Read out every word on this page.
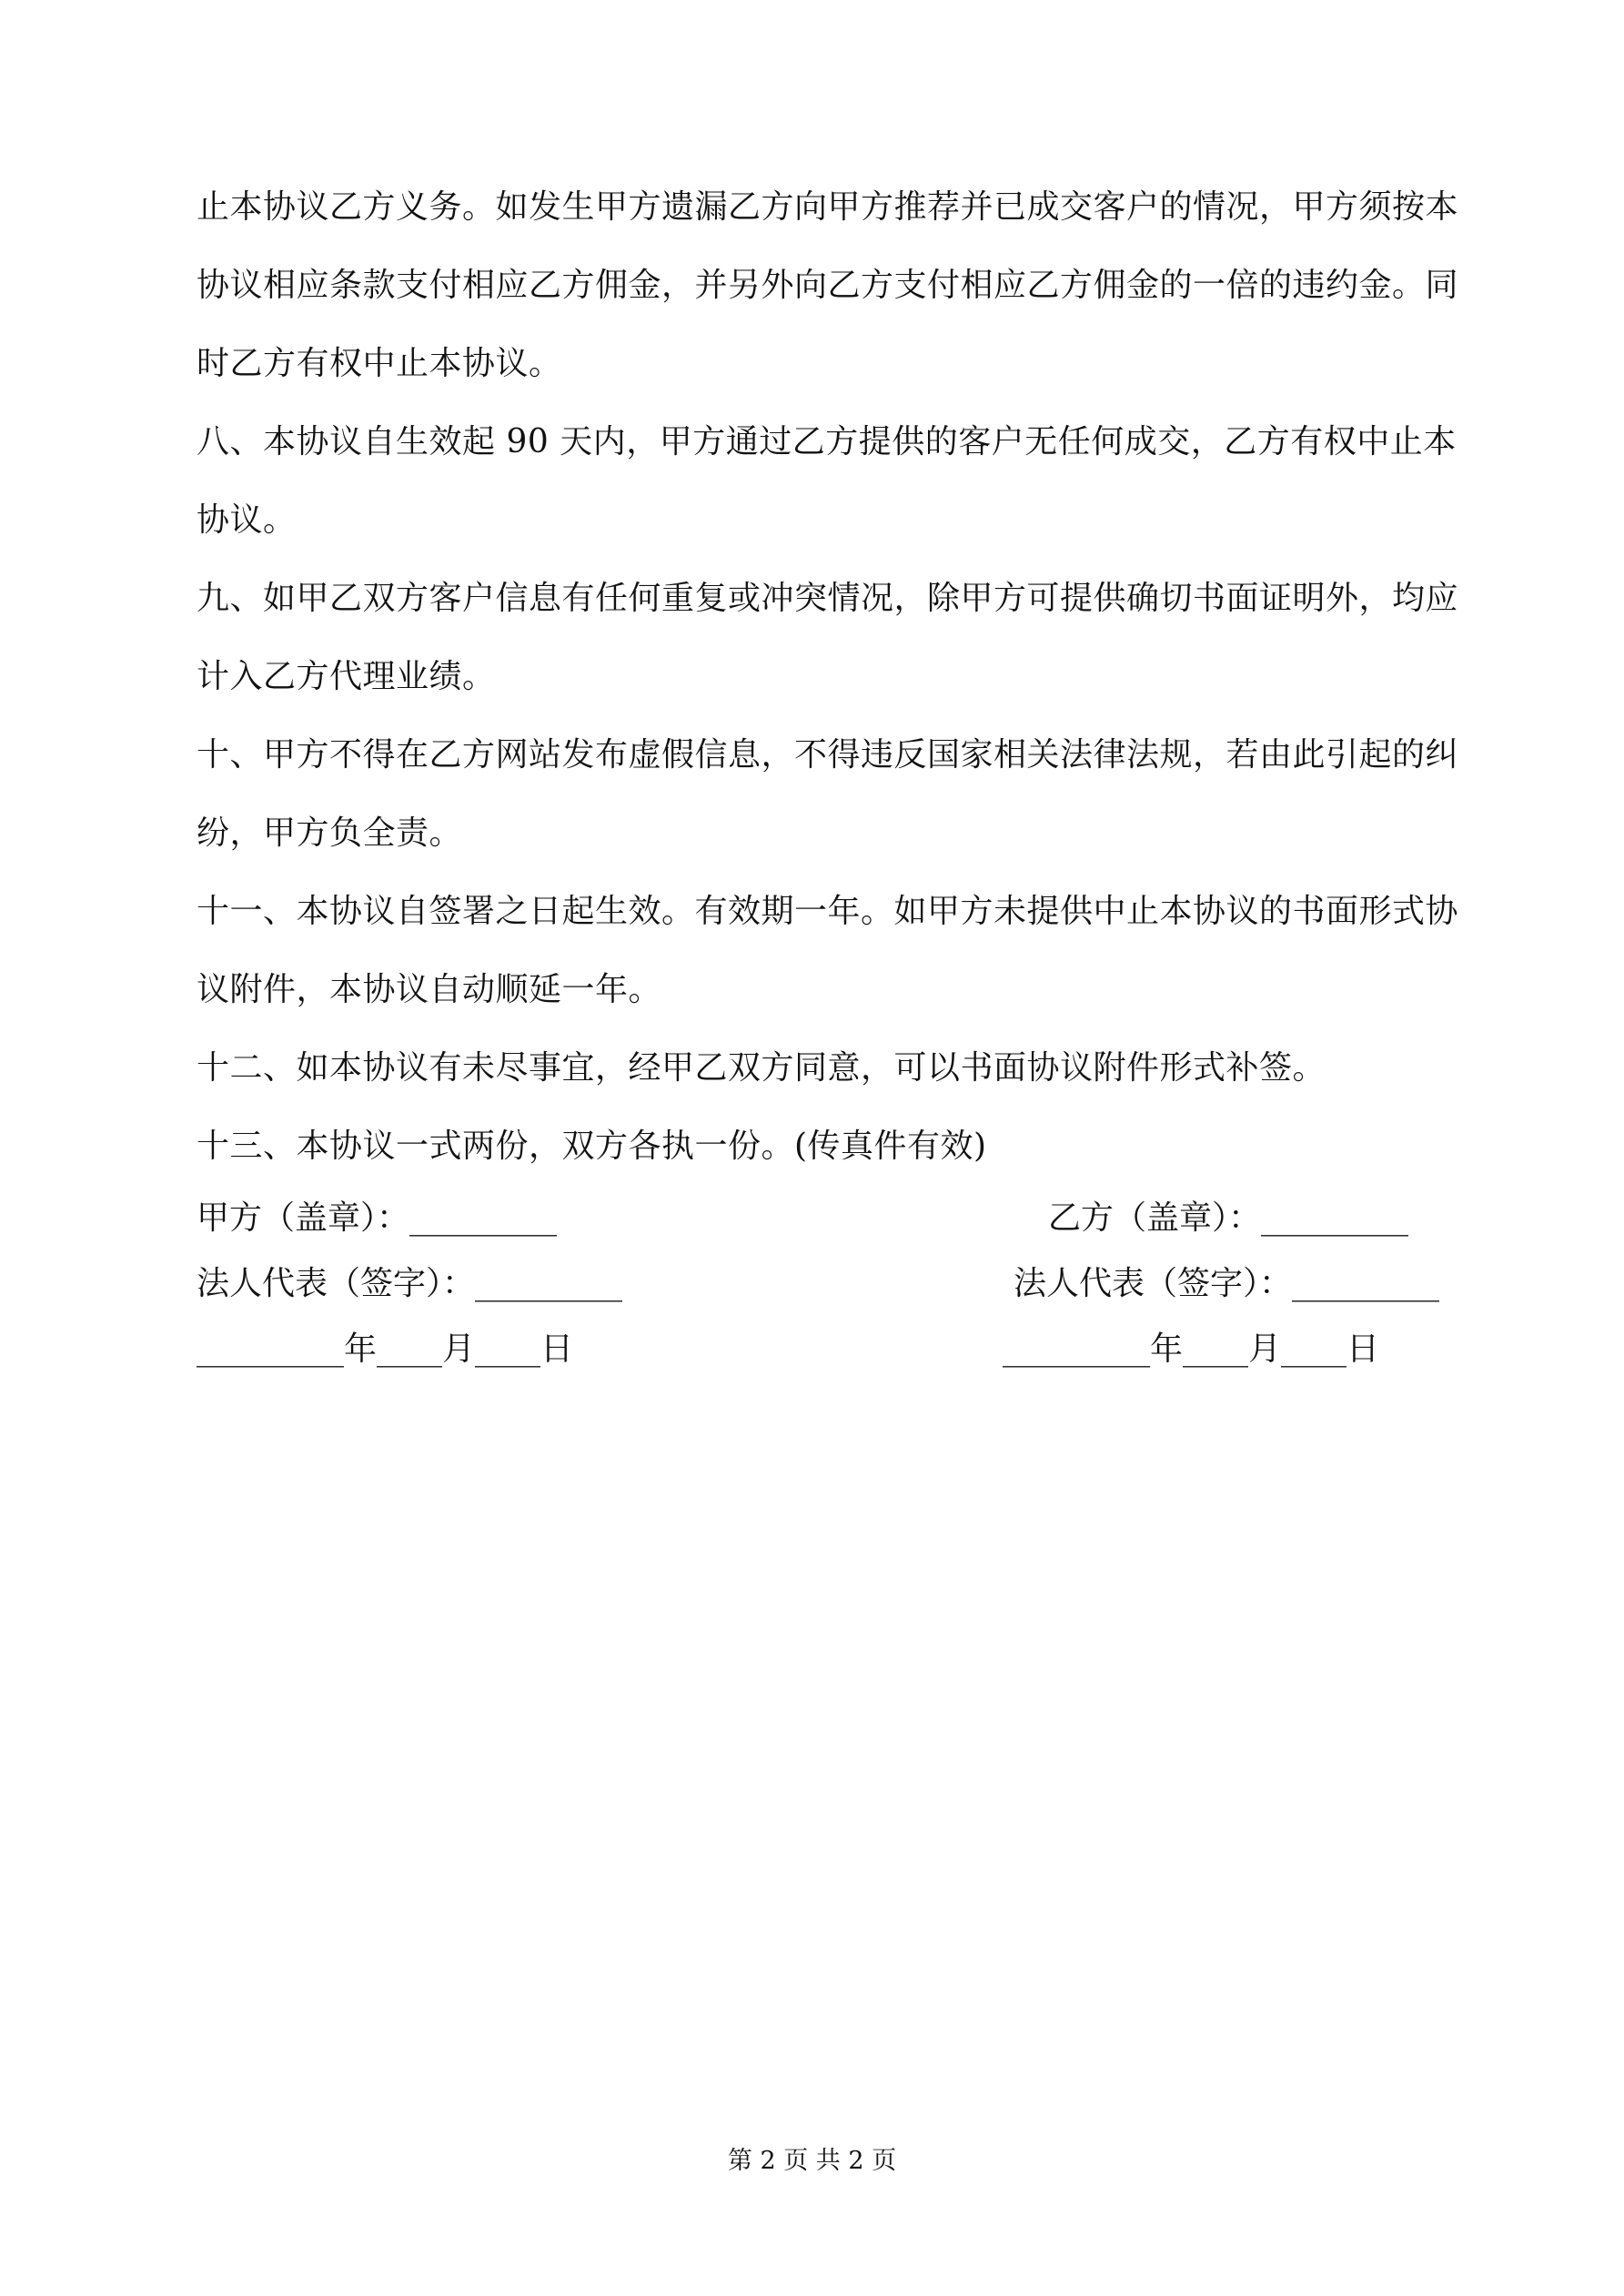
止本协议乙方义务。如发生甲方遗漏乙方向甲方推荐并已成交客户的情况，甲方须按本
协议相应条款支付相应乙方佣金，并另外向乙方支付相应乙方佣金的一倍的违约金。同
时乙方有权中止本协议。
八、本协议自生效起 90 天内，甲方通过乙方提供的客户无任何成交，乙方有权中止本
协议。
九、如甲乙双方客户信息有任何重复或冲突情况，除甲方可提供确切书面证明外，均应
计入乙方代理业绩。
十、甲方不得在乙方网站发布虚假信息，不得违反国家相关法律法规，若由此引起的纠
纷，甲方负全责。
十一、本协议自签署之日起生效。有效期一年。如甲方未提供中止本协议的书面形式协
议附件，本协议自动顺延一年。
十二、如本协议有未尽事宜，经甲乙双方同意，可以书面协议附件形式补签。
十三、本协议一式两份，双方各执一份。(传真件有效)
甲方（盖章）：_________	乙方（盖章）：_________
法人代表（签字）：_________	法人代表（签字）：_________
_________年____月____日	_________年____月____日
第 2 页 共 2 页
